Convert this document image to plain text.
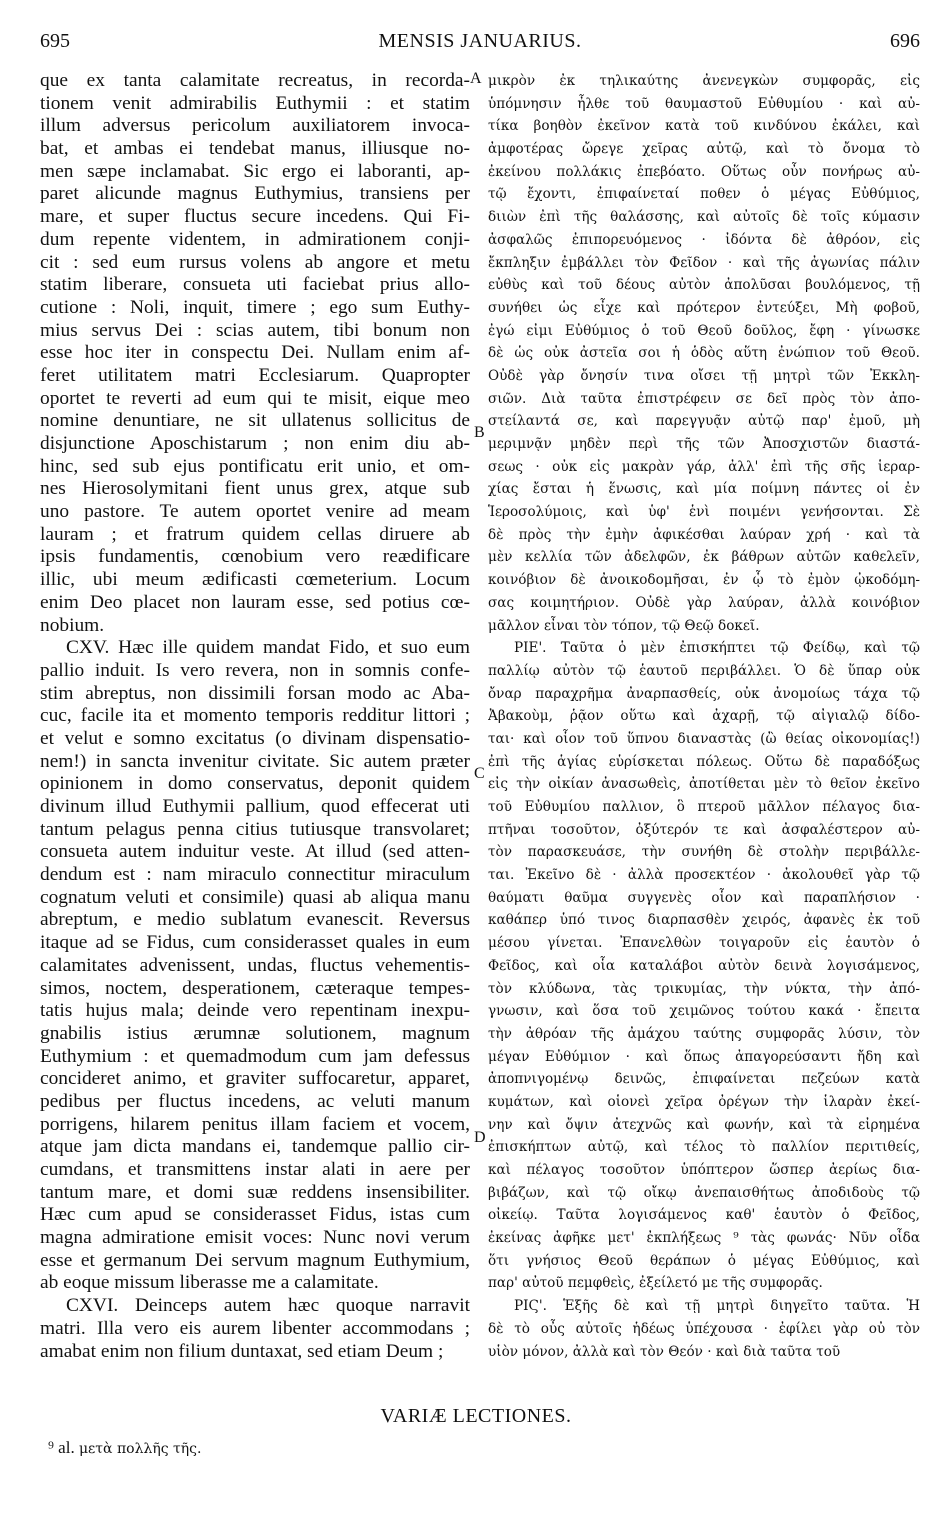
695	MENSIS JANUARIUS.	696
que ex tanta calamitate recreatus, in recorda-
tionem venit admirabilis Euthymii : et statim
illum adversus pericolum auxiliatorem invoca-
bat, et ambas ei tendebat manus, illiusque no-
men sæpe inclamabat. Sic ergo ei laboranti, ap-
paret alicunde magnus Euthymius, transiens per
mare, et super fluctus secure incedens. Qui Fi-
dum repente videntem, in admirationem conji-
cit : sed eum rursus volens ab angore et metu
statim liberare, consueta uti faciebat prius allo-
cutione : Noli, inquit, timere ; ego sum Euthy-
mius servus Dei : scias autem, tibi bonum non
esse hoc iter in conspectu Dei. Nullam enim af-
feret utilitatem matri Ecclesiarum. Quapropter
oportet te reverti ad eum qui te misit, eique meo
nomine denuntiare, ne sit ullatenus sollicitus de
disjunctione Aposchistarum ; non enim diu ab-
hinc, sed sub ejus pontificatu erit unio, et om-
nes Hierosolymitani fient unus grex, atque sub
uno pastore. Te autem oportet venire ad meam
lauram ; et fratrum quidem cellas diruere ab
ipsis fundamentis, cœnobium vero reædificare
illic, ubi meum ædificasti cœmeterium. Locum
enim Deo placet non lauram esse, sed potius cœ-
nobium.
CXV. Hæc ille quidem mandat Fido, et suo eum
pallio induit. Is vero revera, non in somnis confe-
stim abreptus, non dissimili forsan modo ac Aba-
cuc, facile ita et momento temporis redditur littori ;
et velut e somno excitatus (o divinam dispensatio-
nem!) in sancta invenitur civitate. Sic autem præter
opinionem in domo conservatus, deponit quidem
divinum illud Euthymii pallium, quod effecerat uti
tantum pelagus penna citius tutiusque transvolaret;
consueta autem induitur veste. At illud (sed atten-
dendum est : nam miraculo connectitur miraculum
cognatum veluti et consimile) quasi ab aliqua manu
abreptum, e medio sublatum evanescit. Reversus
itaque ad se Fidus, cum considerasset quales in eum
calamitates advenissent, undas, fluctus vehementis-
simos, noctem, desperationem, cæteraque tempes-
tatis hujus mala; deinde vero repentinam inexpu-
gnabilis istius ærumnæ solutionem, magnum
Euthymium : et quemadmodum cum jam defessus
concideret animo, et graviter suffocaretur, apparet,
pedibus per fluctus incedens, ac veluti manum
porrigens, hilarem penitus illam faciem et vocem,
atque jam dicta mandans ei, tandemque pallio cir-
cumdans, et transmittens instar alati in aere per
tantum mare, et domi suæ reddens insensibiliter.
Hæc cum apud se considerasset Fidus, istas cum
magna admiratione emisit voces: Nunc novi verum
esse et germanum Dei servum magnum Euthymium,
ab eoque missum liberasse me a calamitate.
CXVI. Deinceps autem hæc quoque narravit
matri. Illa vero eis aurem libenter accommodans ;
amabat enim non filium duntaxat, sed etiam Deum ;
μικρὸν ἐκ τηλικαύτης ἀνενεγκὼν συμφορᾶς, εἰς
ὑπόμνησιν ἦλθε τοῦ θαυμαστοῦ Εὐθυμίου · καὶ αὐ-
τίκα βοηθὸν ἐκεῖνον κατὰ τοῦ κινδύνου ἐκάλει, καὶ
ἀμφοτέρας ὤρεγε χεῖρας αὐτῷ, καὶ τὸ ὄνομα τὸ
ἐκείνου πολλάκις ἐπεβόατο. Οὕτως οὖν πονήρως αὐ-
τῷ ἔχοντι, ἐπιφαίνεταί ποθεν ὁ μέγας Εὐθύμιος,
διιὼν ἐπὶ τῆς θαλάσσης, καὶ αὐτοῖς δὲ τοῖς κύμασιν
ἀσφαλῶς ἐπιπορευόμενος · ἰδόντα δὲ ἀθρόον, εἰς
ἔκπληξιν ἐμβάλλει τὸν Φεῖδον · καὶ τῆς ἀγωνίας πάλιν
εὐθὺς καὶ τοῦ δέους αὐτὸν ἀπολῦσαι βουλόμενος, τῇ
συνήθει ὡς εἶχε καὶ πρότερον ἐντεύξει, Μὴ φοβοῦ,
ἐγώ εἰμι Εὐθύμιος ὁ τοῦ Θεοῦ δοῦλος, ἔφη · γίνωσκε
δὲ ὡς οὐκ ἀστεῖα σοι ἡ ὁδὸς αὕτη ἐνώπιον τοῦ Θεοῦ.
Οὐδὲ γὰρ ὄνησίν τινα οἴσει τῇ μητρὶ τῶν Ἐκκλη-
σιῶν. Διὰ ταῦτα ἐπιστρέφειν σε δεῖ πρὸς τὸν ἀπο-
στείλαντά σε, καὶ παρεγγυᾷν αὐτῷ παρ' ἐμοῦ, μὴ
μεριμνᾷν μηδὲν περὶ τῆς τῶν Ἀποσχιστῶν διαστά-
σεως · οὐκ εἰς μακρὰν γάρ, ἀλλ' ἐπὶ τῆς σῆς ἱεραρ-
χίας ἔσται ἡ ἕνωσις, καὶ μία ποίμνη πάντες οἱ ἐν
Ἱεροσολύμοις, καὶ ὑφ' ἑνὶ ποιμένι γενήσονται. Σὲ
δὲ πρὸς τὴν ἐμὴν ἀφικέσθαι λαύραν χρή · καὶ τὰ
μὲν κελλία τῶν ἀδελφῶν, ἐκ βάθρων αὐτῶν καθελεῖν,
κοινόβιον δὲ ἀνοικοδομῆσαι, ἐν ᾧ τὸ ἐμὸν ᾠκοδόμη-
σας κοιμητήριον. Οὐδὲ γὰρ λαύραν, ἀλλὰ κοινόβιον
μᾶλλον εἶναι τὸν τόπον, τῷ Θεῷ δοκεῖ.
ΡΙΕ'. Ταῦτα ὁ μὲν ἐπισκήπτει τῷ Φείδῳ, καὶ τῷ
παλλίῳ αὐτὸν τῷ ἑαυτοῦ περιβάλλει. Ὁ δὲ ὕπαρ οὐκ
ὄναρ παραχρῆμα ἀναρπασθείς, οὐκ ἀνομοίως τάχα τῷ
Ἀβακοὺμ, ῥᾷον οὕτω καὶ ἀχαρῇ, τῷ αἰγιαλῷ δίδο-
ται· καὶ οἷον τοῦ ὕπνου διαναστὰς (ὢ θείας οἰκονομίας!)
ἐπὶ τῆς ἁγίας εὑρίσκεται πόλεως. Οὕτω δὲ παραδόξως
εἰς τὴν οἰκίαν ἀνασωθεὶς, ἀποτίθεται μὲν τὸ θεῖον ἐκεῖνο
τοῦ Εὐθυμίου παλλιον, ὃ πτεροῦ μᾶλλον πέλαγος δια-
πτῆναι τοσοῦτον, ὀξύτερόν τε καὶ ἀσφαλέστερον αὐ-
τὸν παρασκευάσε, τὴν συνήθη δὲ στολὴν περιβάλλε-
ται. Ἐκεῖνο δὲ · ἀλλὰ προσεκτέον · ἀκολουθεῖ γὰρ τῷ
θαύματι θαῦμα συγγενὲς οἷον καὶ παραπλήσιον ·
καθάπερ ὑπό τινος διαρπασθὲν χειρός, ἀφανὲς ἐκ τοῦ
μέσου γίνεται. Ἐπανελθὼν τοιγαροῦν εἰς ἑαυτὸν ὁ
Φεῖδος, καὶ οἷα καταλάβοι αὐτὸν δεινὰ λογισάμενος,
τὸν κλύδωνα, τὰς τρικυμίας, τὴν νύκτα, τὴν ἀπό-
γνωσιν, καὶ ὅσα τοῦ χειμῶνος τούτου κακά · ἔπειτα
τὴν ἀθρόαν τῆς ἀμάχου ταύτης συμφορᾶς λύσιν, τὸν
μέγαν Εὐθύμιον · καὶ ὅπως ἀπαγορεύσαντι ἤδη καὶ
ἀποπνιγομένῳ δεινῶς, ἐπιφαίνεται πεζεύων κατὰ
κυμάτων, καὶ οἱονεὶ χεῖρα ὀρέγων τὴν ἱλαρὰν ἐκεί-
νην καὶ ὄψιν ἀτεχνῶς καὶ φωνήν, καὶ τὰ εἰρημένα
ἐπισκήπτων αὐτῷ, καὶ τέλος τὸ παλλίον περιτιθείς,
καὶ πέλαγος τοσοῦτον ὑπόπτερον ὥσπερ ἀερίως δια-
βιβάζων, καὶ τῷ οἴκῳ ἀνεπαισθήτως ἀποδιδοὺς τῷ
οἰκείῳ. Ταῦτα λογισάμενος καθ' ἑαυτὸν ὁ Φεῖδος,
ἐκείνας ἀφῆκε μετ' ἐκπλήξεως ⁹ τὰς φωνάς· Νῦν οἶδα
ὅτι γνήσιος Θεοῦ θεράπων ὁ μέγας Εὐθύμιος, καὶ
παρ' αὐτοῦ πεμφθεὶς, ἐξείλετό με τῆς συμφορᾶς.
ΡΙϚ'. Ἑξῆς δὲ καὶ τῇ μητρὶ διηγεῖτο ταῦτα. Ἡ
δὲ τὸ οὖς αὐτοῖς ἡδέως ὑπέχουσα · ἐφίλει γὰρ οὐ τὸν
υἱὸν μόνον, ἀλλὰ καὶ τὸν Θεόν · καὶ διὰ ταῦτα τοῦ
A
B
C
D
VARIÆ LECTIONES.
⁹ al. μετὰ πολλῆς τῆς.
